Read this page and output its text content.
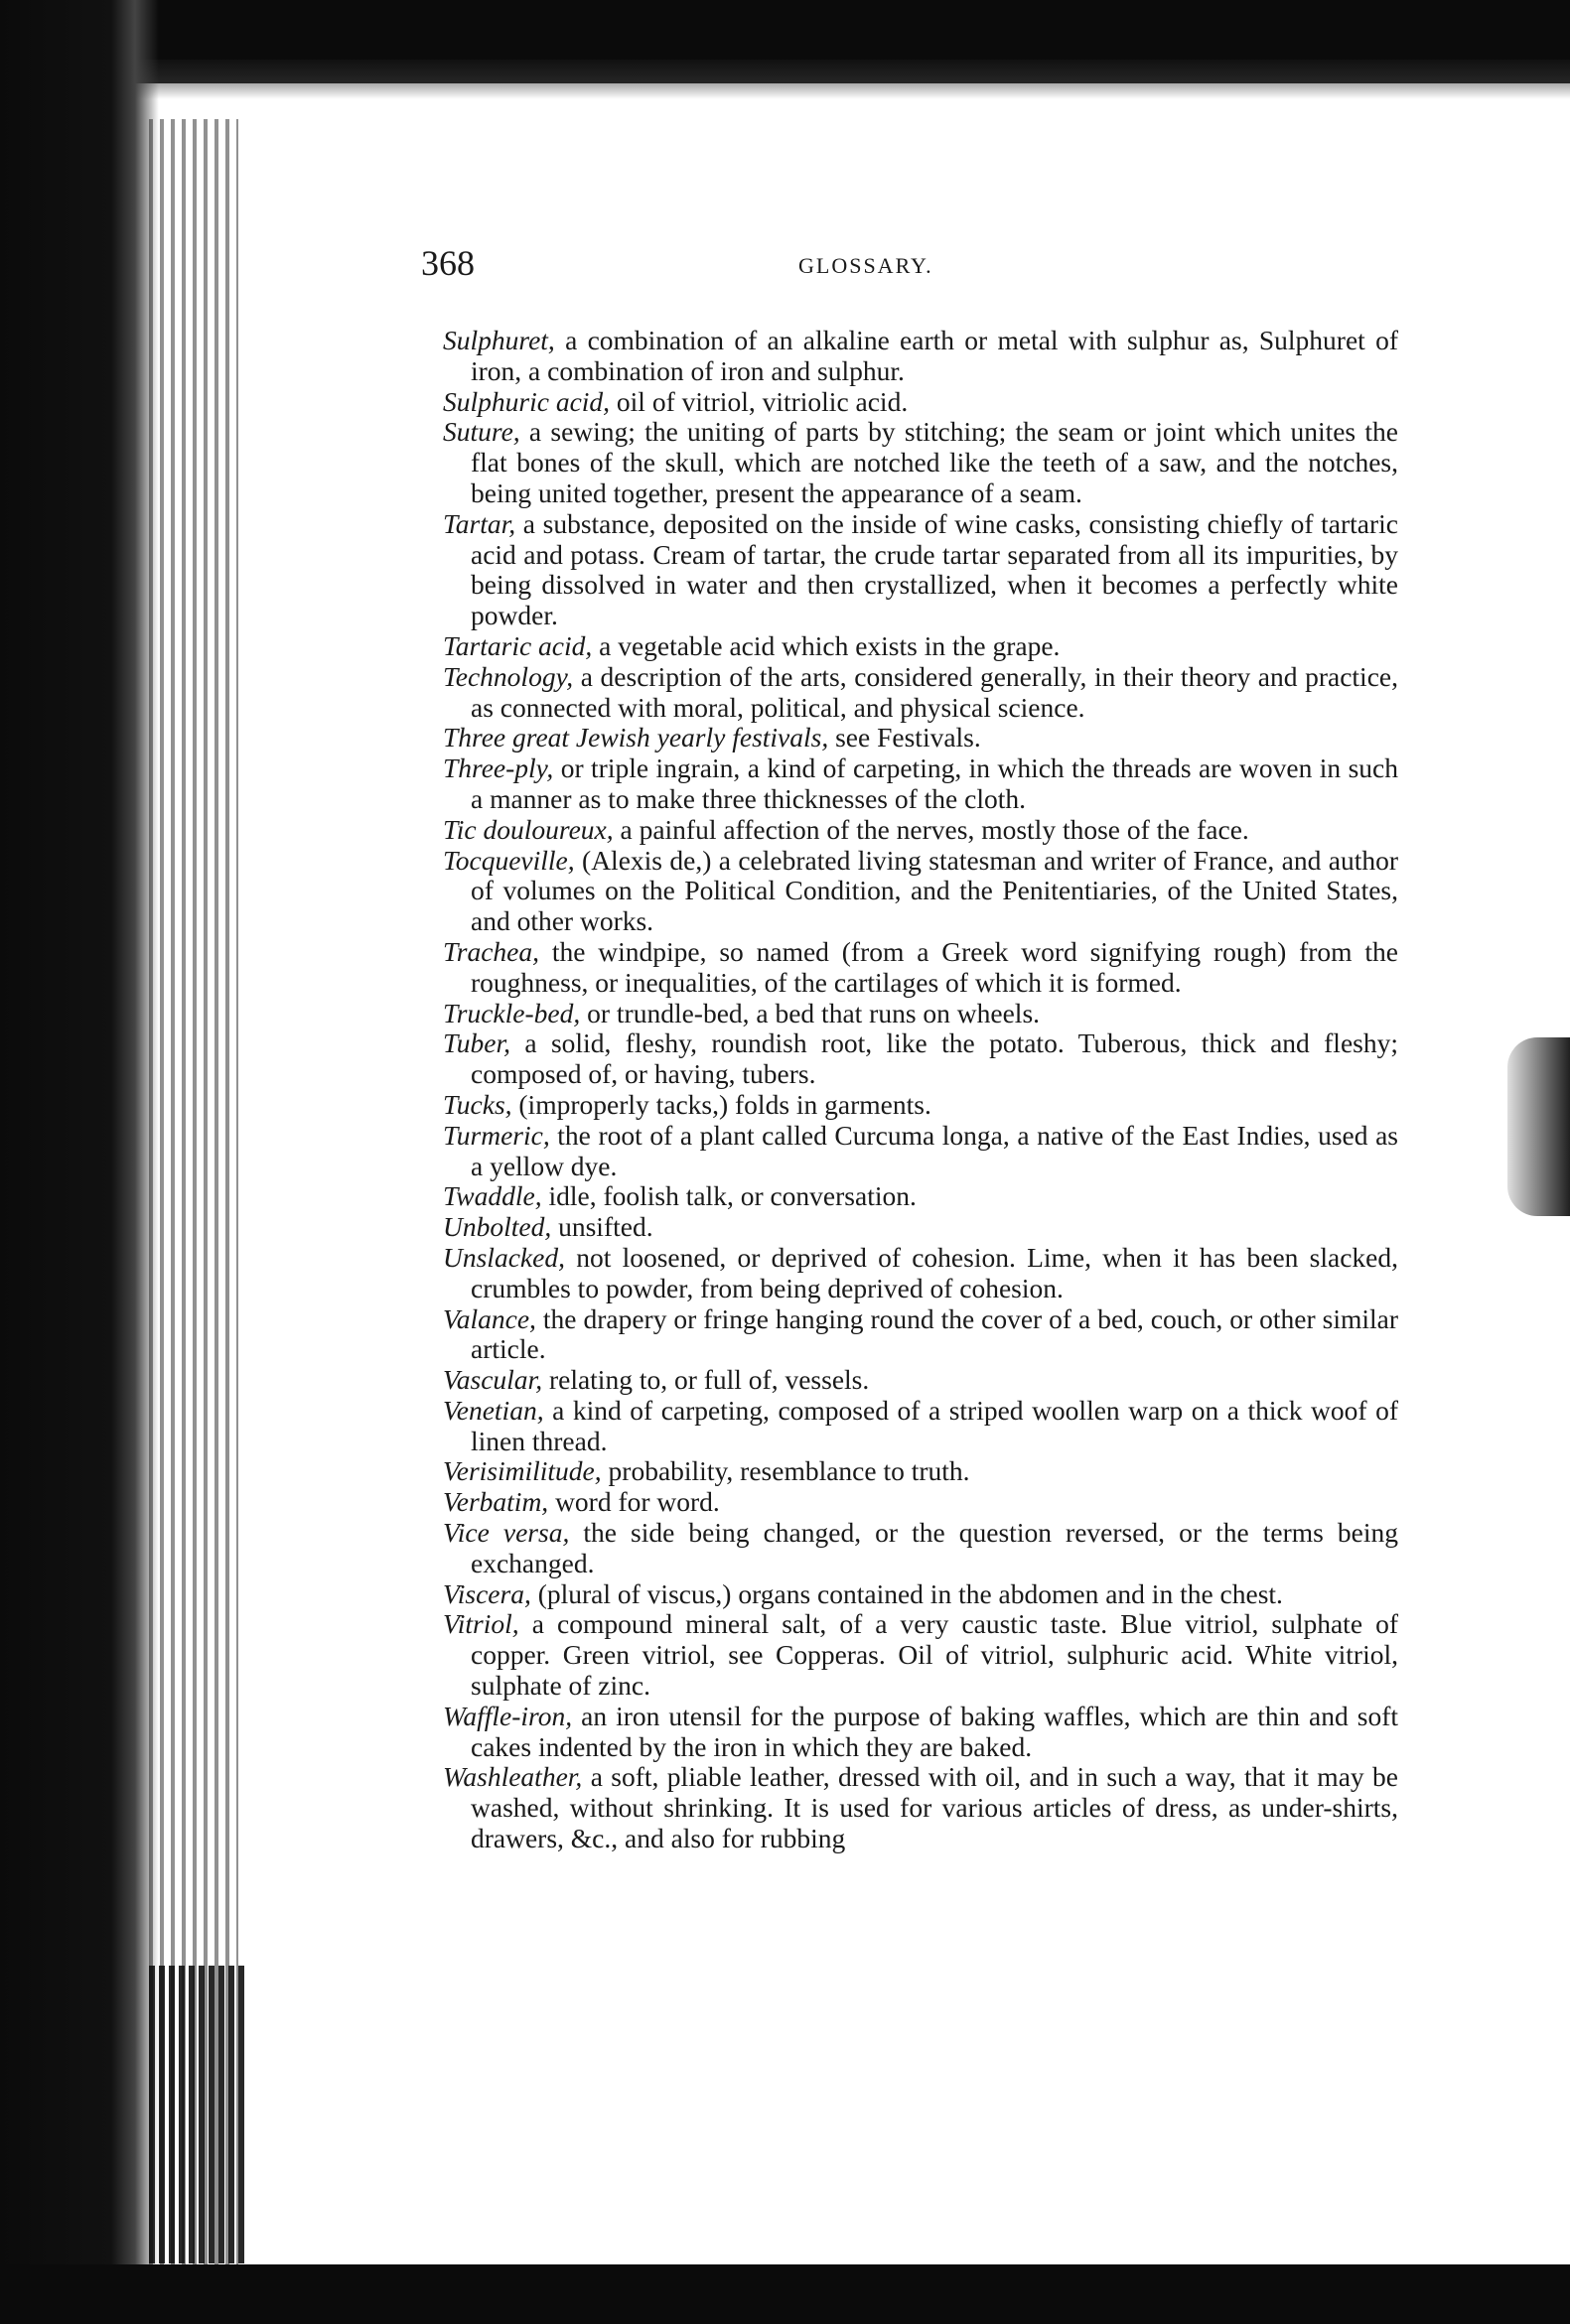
368	GLOSSARY.

Sulphuret, a combination of an alkaline earth or metal with sulphur as, Sulphuret of iron, a combination of iron and sulphur.

Sulphuric acid, oil of vitriol, vitriolic acid.

Suture, a sewing; the uniting of parts by stitching; the seam or joint which unites the flat bones of the skull, which are notched like the teeth of a saw, and the notches, being united together, present the appearance of a seam.

Tartar, a substance, deposited on the inside of wine casks, consisting chiefly of tartaric acid and potass. Cream of tartar, the crude tartar separated from all its impurities, by being dissolved in water and then crystallized, when it becomes a perfectly white powder.

Tartaric acid, a vegetable acid which exists in the grape.

Technology, a description of the arts, considered generally, in their theory and practice, as connected with moral, political, and physical science.

Three great Jewish yearly festivals, see Festivals.

Three-ply, or triple ingrain, a kind of carpeting, in which the threads are woven in such a manner as to make three thicknesses of the cloth.

Tic douloureux, a painful affection of the nerves, mostly those of the face.

Tocqueville, (Alexis de,) a celebrated living statesman and writer of France, and author of volumes on the Political Condition, and the Penitentiaries, of the United States, and other works.

Trachea, the windpipe, so named (from a Greek word signifying rough) from the roughness, or inequalities, of the cartilages of which it is formed.

Truckle-bed, or trundle-bed, a bed that runs on wheels.

Tuber, a solid, fleshy, roundish root, like the potato. Tuberous, thick and fleshy; composed of, or having, tubers.

Tucks, (improperly tacks,) folds in garments.

Turmeric, the root of a plant called Curcuma longa, a native of the East Indies, used as a yellow dye.

Twaddle, idle, foolish talk, or conversation.

Unbolted, unsifted.

Unslacked, not loosened, or deprived of cohesion. Lime, when it has been slacked, crumbles to powder, from being deprived of cohesion.

Valance, the drapery or fringe hanging round the cover of a bed, couch, or other similar article.

Vascular, relating to, or full of, vessels.

Venetian, a kind of carpeting, composed of a striped woollen warp on a thick woof of linen thread.

Verisimilitude, probability, resemblance to truth.

Verbatim, word for word.

Vice versa, the side being changed, or the question reversed, or the terms being exchanged.

Viscera, (plural of viscus,) organs contained in the abdomen and in the chest.

Vitriol, a compound mineral salt, of a very caustic taste. Blue vitriol, sulphate of copper. Green vitriol, see Copperas. Oil of vitriol, sulphuric acid. White vitriol, sulphate of zinc.

Waffle-iron, an iron utensil for the purpose of baking waffles, which are thin and soft cakes indented by the iron in which they are baked.

Washleather, a soft, pliable leather, dressed with oil, and in such a way, that it may be washed, without shrinking. It is used for various articles of dress, as under-shirts, drawers, &c., and also for rubbing
